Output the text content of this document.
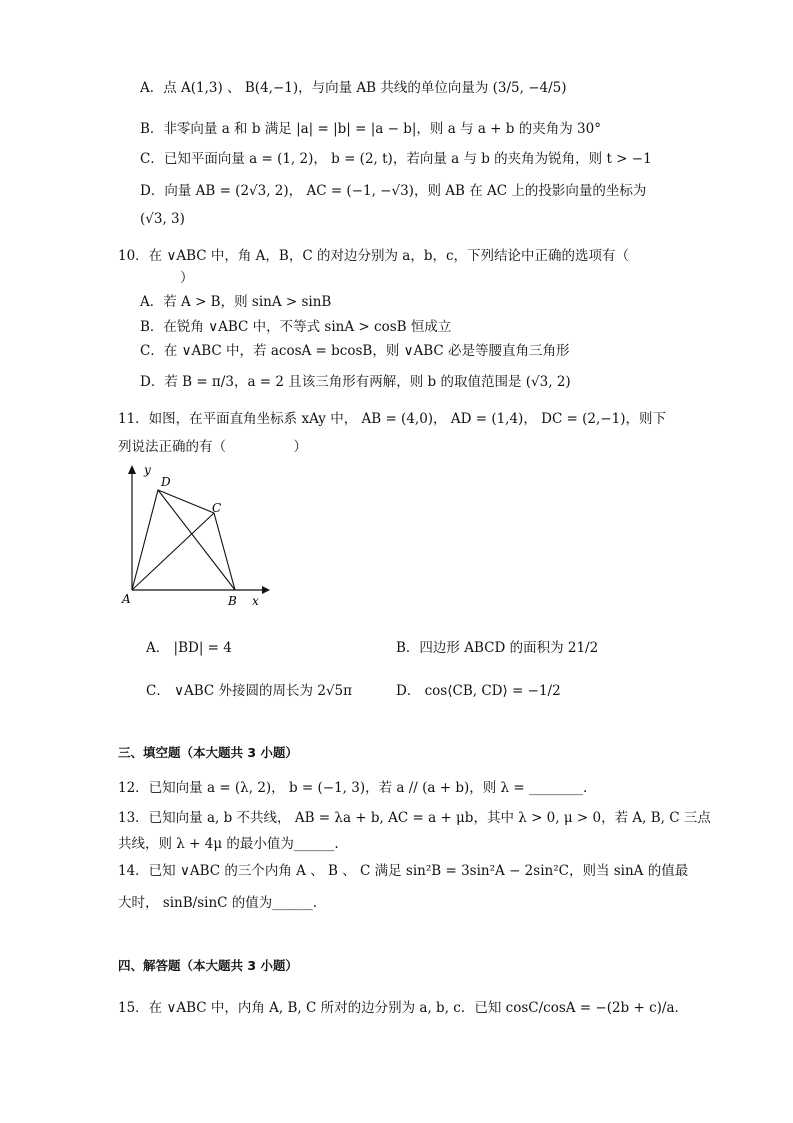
A．点 A(1,3) 、 B(4,−1)，与向量 AB 共线的单位向量为 (3/5, −4/5)
B．非零向量 a 和 b 满足 |a| = |b| = |a − b|，则 a 与 a + b 的夹角为 30°
C．已知平面向量 a = (1, 2)， b = (2, t)，若向量 a 与 b 的夹角为锐角，则 t > −1
D．向量 AB = (2√3, 2)， AC = (−1, −√3)，则 AB 在 AC 上的投影向量的坐标为
(√3, 3)
10．在 ∨ABC 中，角 A，B，C 的对边分别为 a，b，c，下列结论中正确的选项有（
）
A．若 A > B，则 sinA > sinB
B．在锐角 ∨ABC 中，不等式 sinA > cosB 恒成立
C．在 ∨ABC 中，若 acosA = bcosB，则 ∨ABC 必是等腰直角三角形
D．若 B = π/3，a = 2 且该三角形有两解，则 b 的取值范围是 (√3, 2)
11．如图，在平面直角坐标系 xAy 中， AB = (4,0)， AD = (1,4)， DC = (2,−1)，则下
列说法正确的有（　　　　　）
y
x
A	B
C
D
A． |BD| = 4	B．四边形 ABCD 的面积为 21/2
C． ∨ABC 外接圆的周长为 2√5π	D． cos⟨CB, CD⟩ = −1/2
三、填空题（本大题共 3 小题）
12．已知向量 a = (λ, 2)， b = (−1, 3)，若 a // (a + b)，则 λ = ________.
13．已知向量 a, b 不共线， AB = λa + b, AC = a + μb，其中 λ > 0, μ > 0，若 A, B, C 三点
共线，则 λ + 4μ 的最小值为______.
14．已知 ∨ABC 的三个内角 A 、 B 、 C 满足 sin²B = 3sin²A − 2sin²C，则当 sinA 的值最
大时， sinB/sinC 的值为______.
四、解答题（本大题共 3 小题）
15．在 ∨ABC 中，内角 A, B, C 所对的边分别为 a, b, c．已知 cosC/cosA = −(2b + c)/a．
